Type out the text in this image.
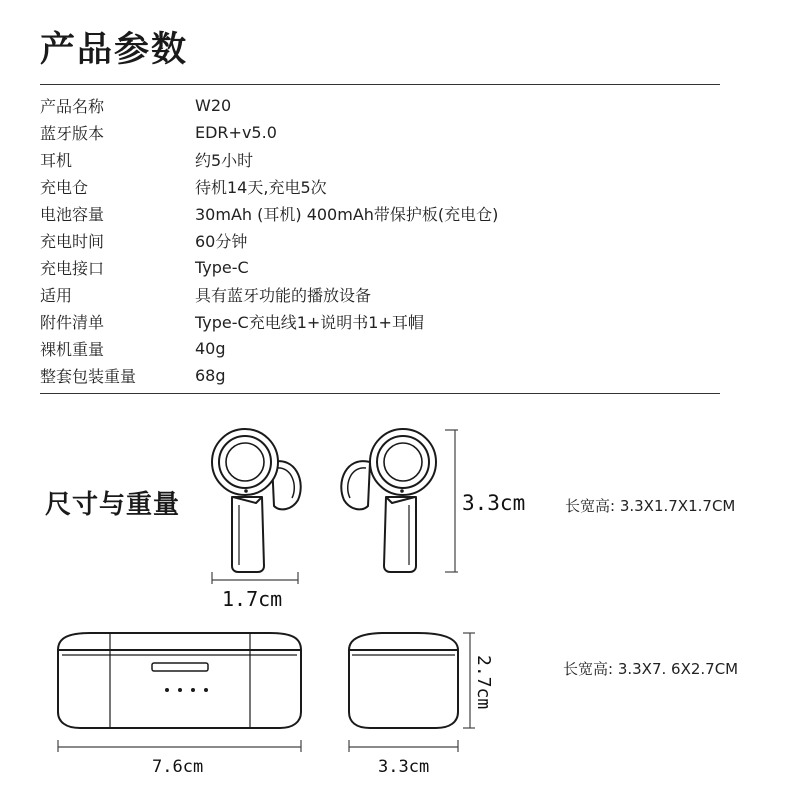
产品参数
产品名称	W20
蓝牙版本	EDR+v5.0
耳机	约5小时
充电仓	待机14天,充电5次
电池容量	30mAh (耳机) 400mAh带保护板(充电仓)
充电时间	60分钟
充电接口	Type-C
适用	具有蓝牙功能的播放设备
附件清单	Type-C充电线1+说明书1+耳帽
裸机重量	40g
整套包装重量	68g
尺寸与重量	3.3cm
1.7cm
7.6cm
2.7cm
3.3cm
长宽高: 3.3X1.7X1.7CM
长宽高: 3.3X7. 6X2.7CM
